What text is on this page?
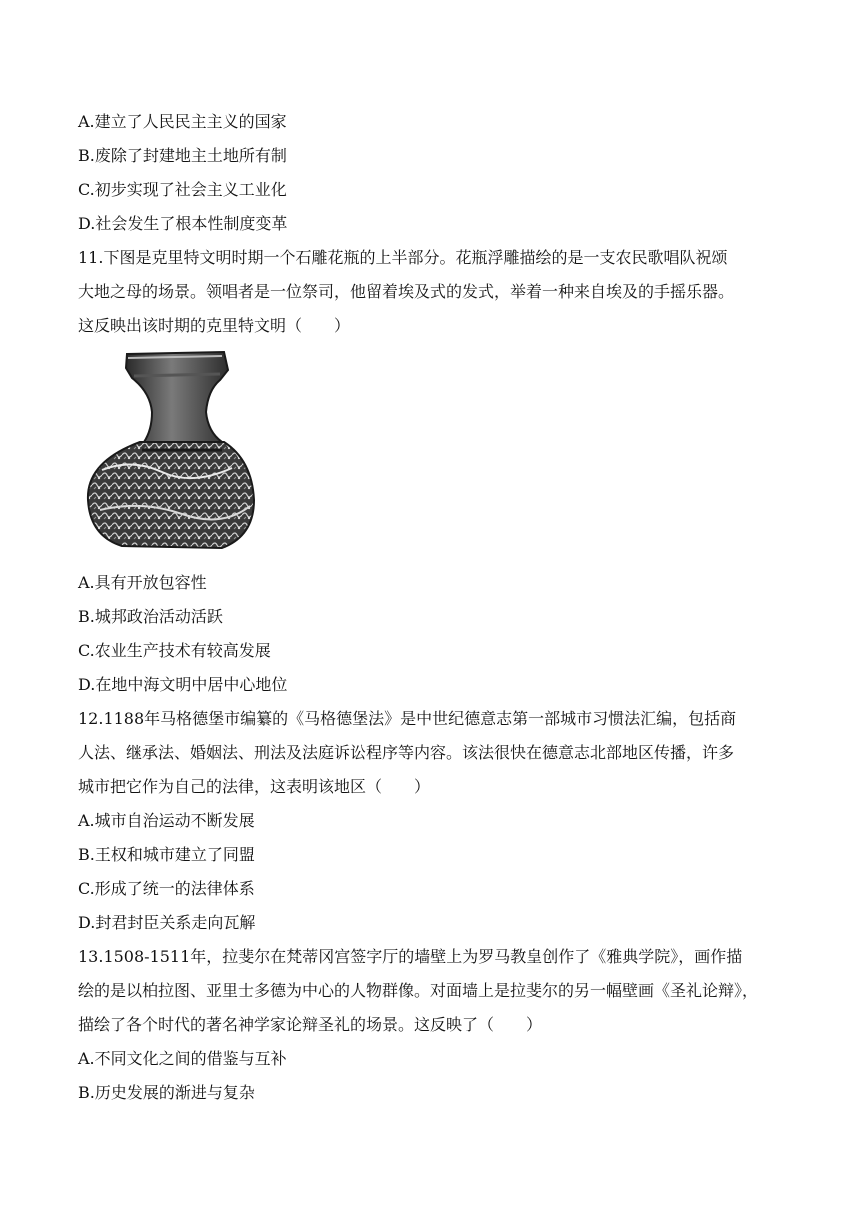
A.建立了人民民主主义的国家
B.废除了封建地主土地所有制
C.初步实现了社会主义工业化
D.社会发生了根本性制度变革
11.下图是克里特文明时期一个石雕花瓶的上半部分。花瓶浮雕描绘的是一支农民歌唱队祝颂
大地之母的场景。领唱者是一位祭司，他留着埃及式的发式，举着一种来自埃及的手摇乐器。
这反映出该时期的克里特文明（　　）
A.具有开放包容性
B.城邦政治活动活跃
C.农业生产技术有较高发展
D.在地中海文明中居中心地位
12.1188年马格德堡市编纂的《马格德堡法》是中世纪德意志第一部城市习惯法汇编，包括商
人法、继承法、婚姻法、刑法及法庭诉讼程序等内容。该法很快在德意志北部地区传播，许多
城市把它作为自己的法律，这表明该地区（　　）
A.城市自治运动不断发展
B.王权和城市建立了同盟
C.形成了统一的法律体系
D.封君封臣关系走向瓦解
13.1508-1511年，拉斐尔在梵蒂冈宫签字厅的墙壁上为罗马教皇创作了《雅典学院》，画作描
绘的是以柏拉图、亚里士多德为中心的人物群像。对面墙上是拉斐尔的另一幅壁画《圣礼论辩》，
描绘了各个时代的著名神学家论辩圣礼的场景。这反映了（　　）
A.不同文化之间的借鉴与互补
B.历史发展的渐进与复杂
